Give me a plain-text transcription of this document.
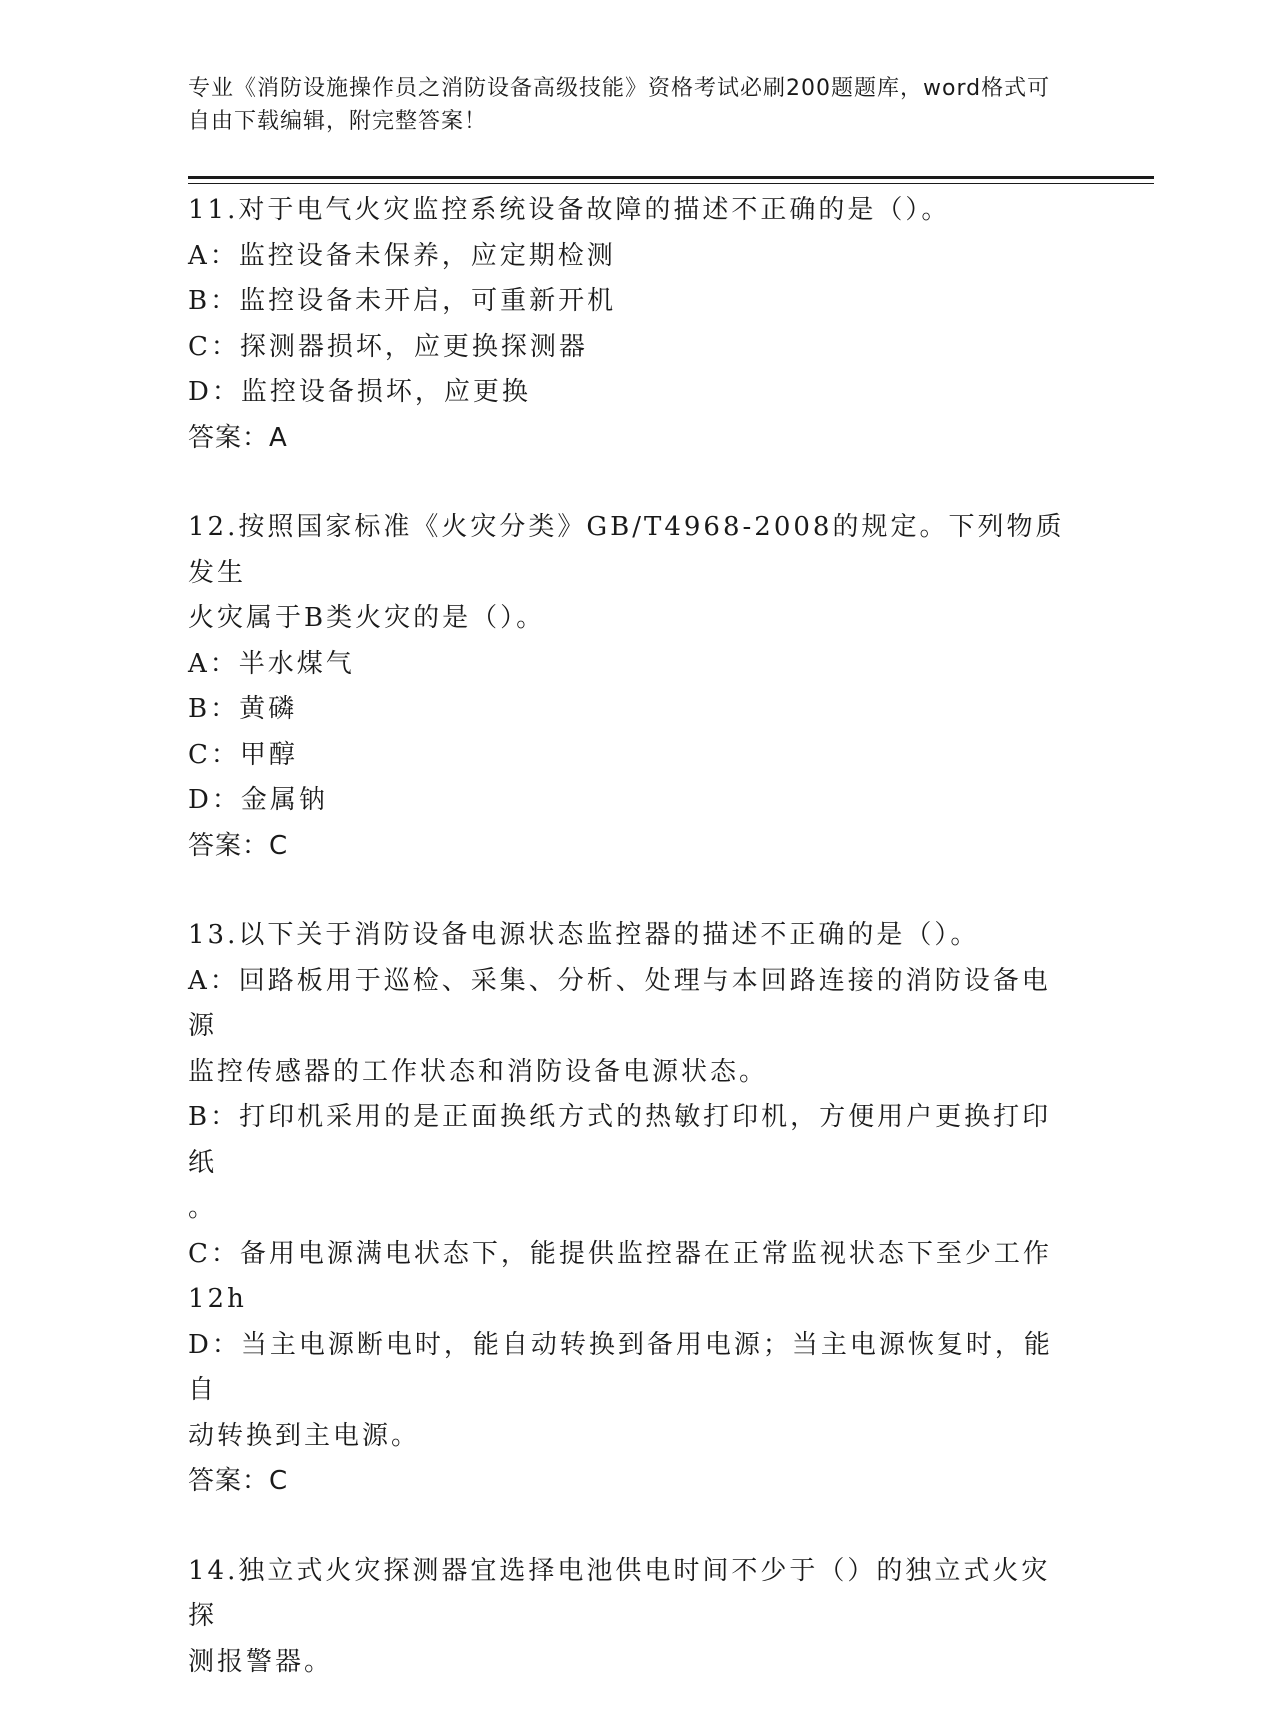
专业《消防设施操作员之消防设备高级技能》资格考试必刷200题题库，word格式可自由下载编辑，附完整答案！

11.对于电气火灾监控系统设备故障的描述不正确的是（）。

A：监控设备未保养，应定期检测

B：监控设备未开启，可重新开机

C：探测器损坏，应更换探测器

D：监控设备损坏，应更换

答案：A

12.按照国家标准《火灾分类》GB/T4968-2008的规定。下列物质发生

火灾属于B类火灾的是（）。

A：半水煤气

B：黄磷

C：甲醇

D：金属钠

答案：C

13.以下关于消防设备电源状态监控器的描述不正确的是（）。

A：回路板用于巡检、采集、分析、处理与本回路连接的消防设备电源

监控传感器的工作状态和消防设备电源状态。

B：打印机采用的是正面换纸方式的热敏打印机，方便用户更换打印纸

。

C：备用电源满电状态下，能提供监控器在正常监视状态下至少工作

12h

D：当主电源断电时，能自动转换到备用电源；当主电源恢复时，能自

动转换到主电源。

答案：C

14.独立式火灾探测器宜选择电池供电时间不少于（）的独立式火灾探

测报警器。
